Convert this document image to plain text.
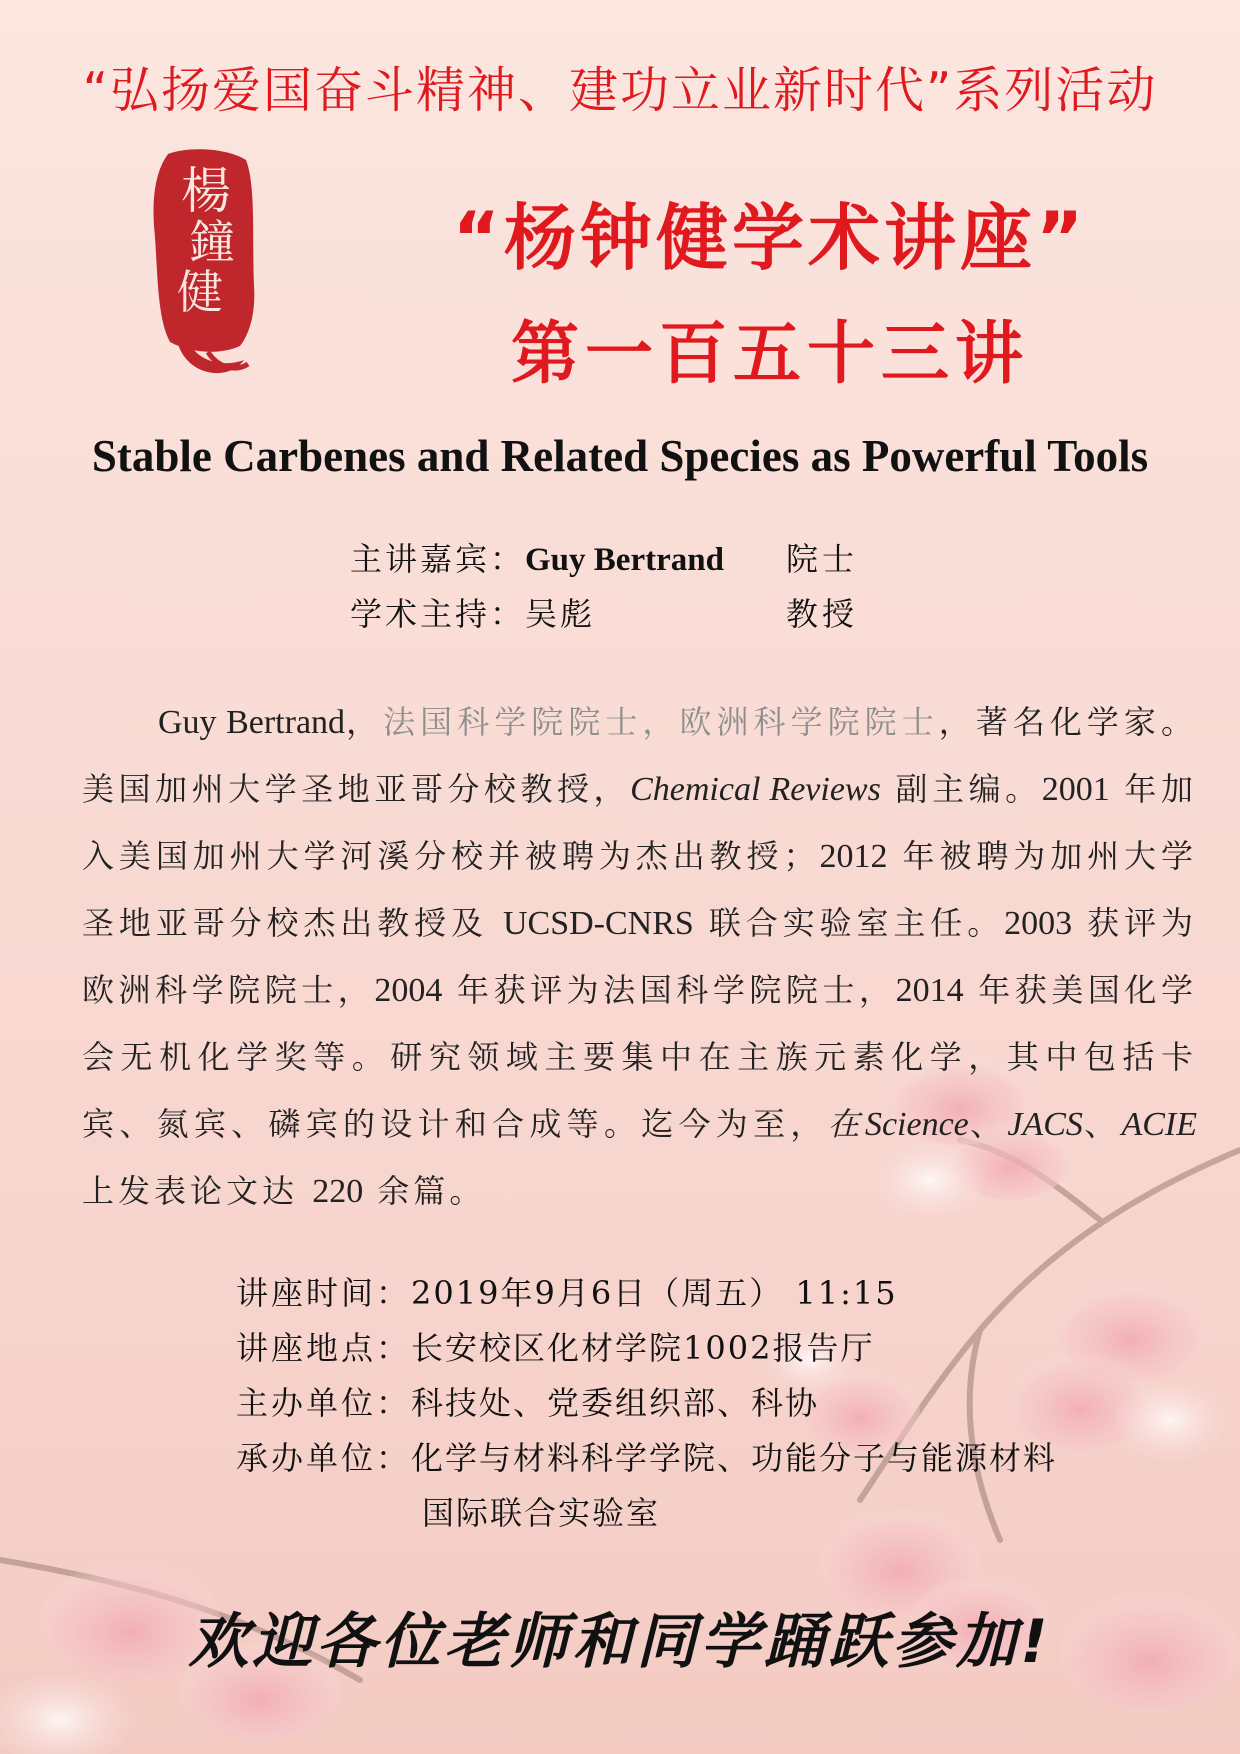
“弘扬爱国奋斗精神、建功立业新时代”系列活动
楊
鐘
健
“杨钟健学术讲座”
第一百五十三讲
Stable Carbenes and Related Species as Powerful Tools
主讲嘉宾：Guy Bertrand 院士
学术主持：吴彪	教授

Guy Bertrand，法国科学院院士，欧洲科学院院士，著名化学家。美国加州大学圣地亚哥分校教授，Chemical Reviews 副主编。2001 年加入美国加州大学河溪分校并被聘为杰出教授；2012 年被聘为加州大学圣地亚哥分校杰出教授及 UCSD-CNRS 联合实验室主任。2003 获评为欧洲科学院院士，2004 年获评为法国科学院院士，2014 年获美国化学会无机化学奖等。研究领域主要集中在主族元素化学，其中包括卡宾、氮宾、磷宾的设计和合成等。迄今为至，在Science、JACS、ACIE 上发表论文达 220 余篇。

讲座时间：2019年9月6日（周五） 11:15
讲座地点：长安校区化材学院1002报告厅
主办单位：科技处、党委组织部、科协
承办单位：化学与材料科学学院、功能分子与能源材料
国际联合实验室
欢迎各位老师和同学踊跃参加!
